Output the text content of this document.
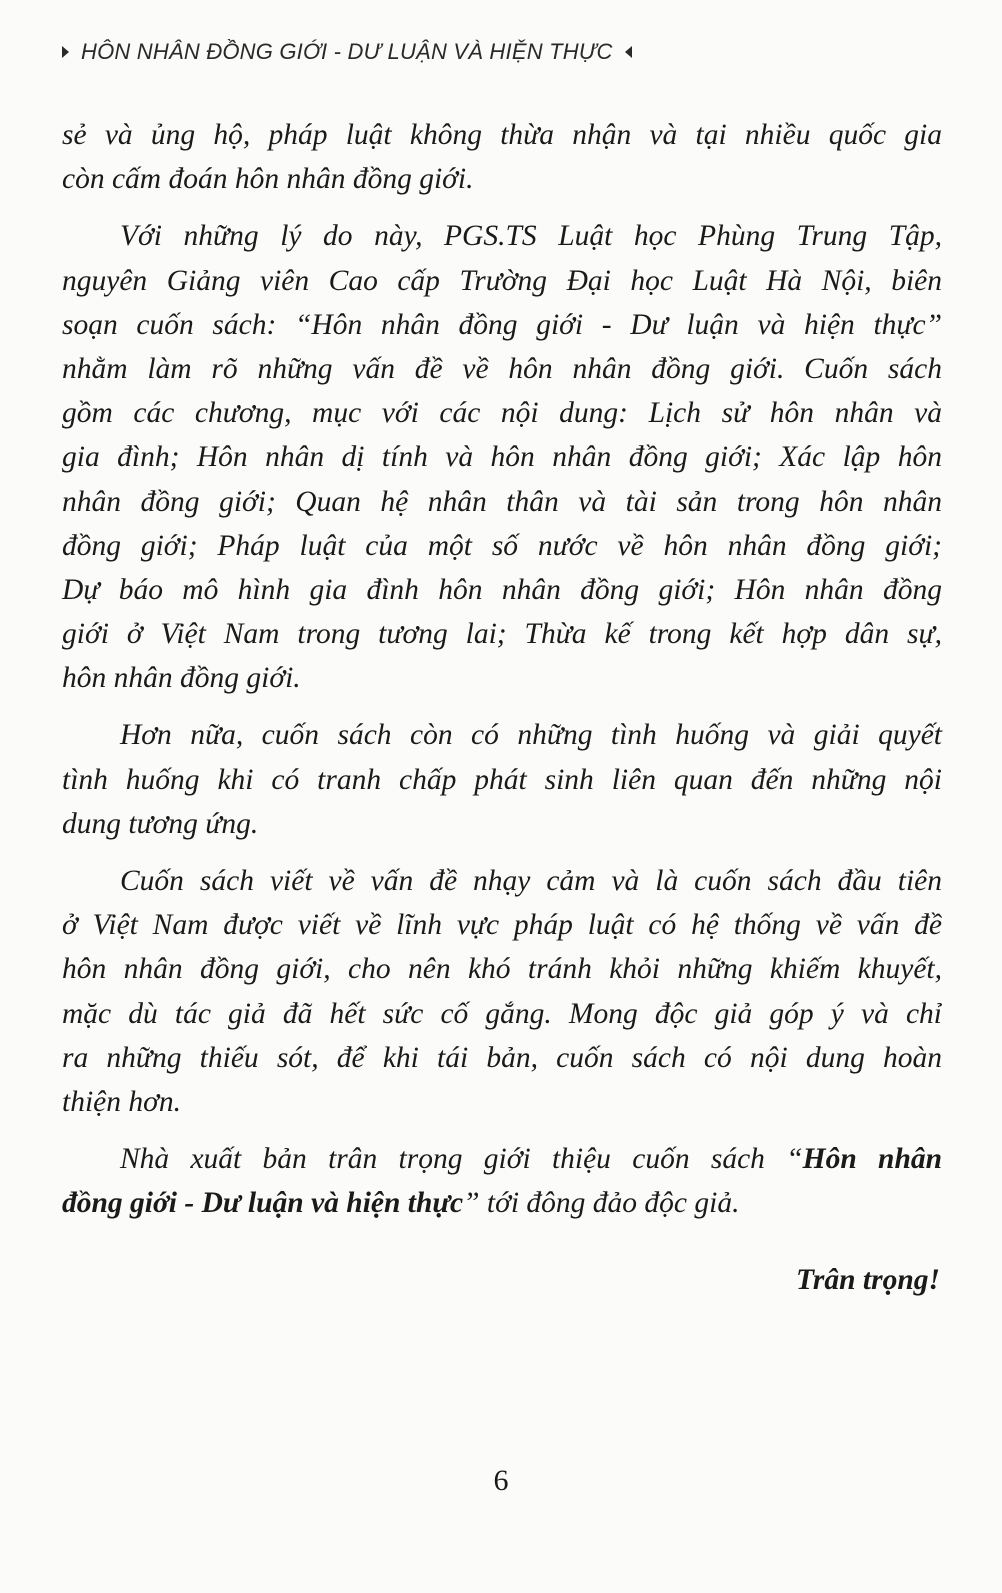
HÔN NHÂN ĐỒNG GIỚI - DƯ LUẬN VÀ HIỆN THỰC
sẻ và ủng hộ, pháp luật không thừa nhận và tại nhiều quốc gia
còn cấm đoán hôn nhân đồng giới.
Với những lý do này, PGS.TS Luật học Phùng Trung Tập,
nguyên Giảng viên Cao cấp Trường Đại học Luật Hà Nội, biên
soạn cuốn sách: “Hôn nhân đồng giới - Dư luận và hiện thực”
nhằm làm rõ những vấn đề về hôn nhân đồng giới. Cuốn sách
gồm các chương, mục với các nội dung: Lịch sử hôn nhân và
gia đình; Hôn nhân dị tính và hôn nhân đồng giới; Xác lập hôn
nhân đồng giới; Quan hệ nhân thân và tài sản trong hôn nhân
đồng giới; Pháp luật của một số nước về hôn nhân đồng giới;
Dự báo mô hình gia đình hôn nhân đồng giới; Hôn nhân đồng
giới ở Việt Nam trong tương lai; Thừa kế trong kết hợp dân sự,
hôn nhân đồng giới.
Hơn nữa, cuốn sách còn có những tình huống và giải quyết
tình huống khi có tranh chấp phát sinh liên quan đến những nội
dung tương ứng.
Cuốn sách viết về vấn đề nhạy cảm và là cuốn sách đầu tiên
ở Việt Nam được viết về lĩnh vực pháp luật có hệ thống về vấn đề
hôn nhân đồng giới, cho nên khó tránh khỏi những khiếm khuyết,
mặc dù tác giả đã hết sức cố gắng. Mong độc giả góp ý và chỉ
ra những thiếu sót, để khi tái bản, cuốn sách có nội dung hoàn
thiện hơn.
Nhà xuất bản trân trọng giới thiệu cuốn sách “Hôn nhân
đồng giới - Dư luận và hiện thực” tới đông đảo độc giả.
Trân trọng!
6
